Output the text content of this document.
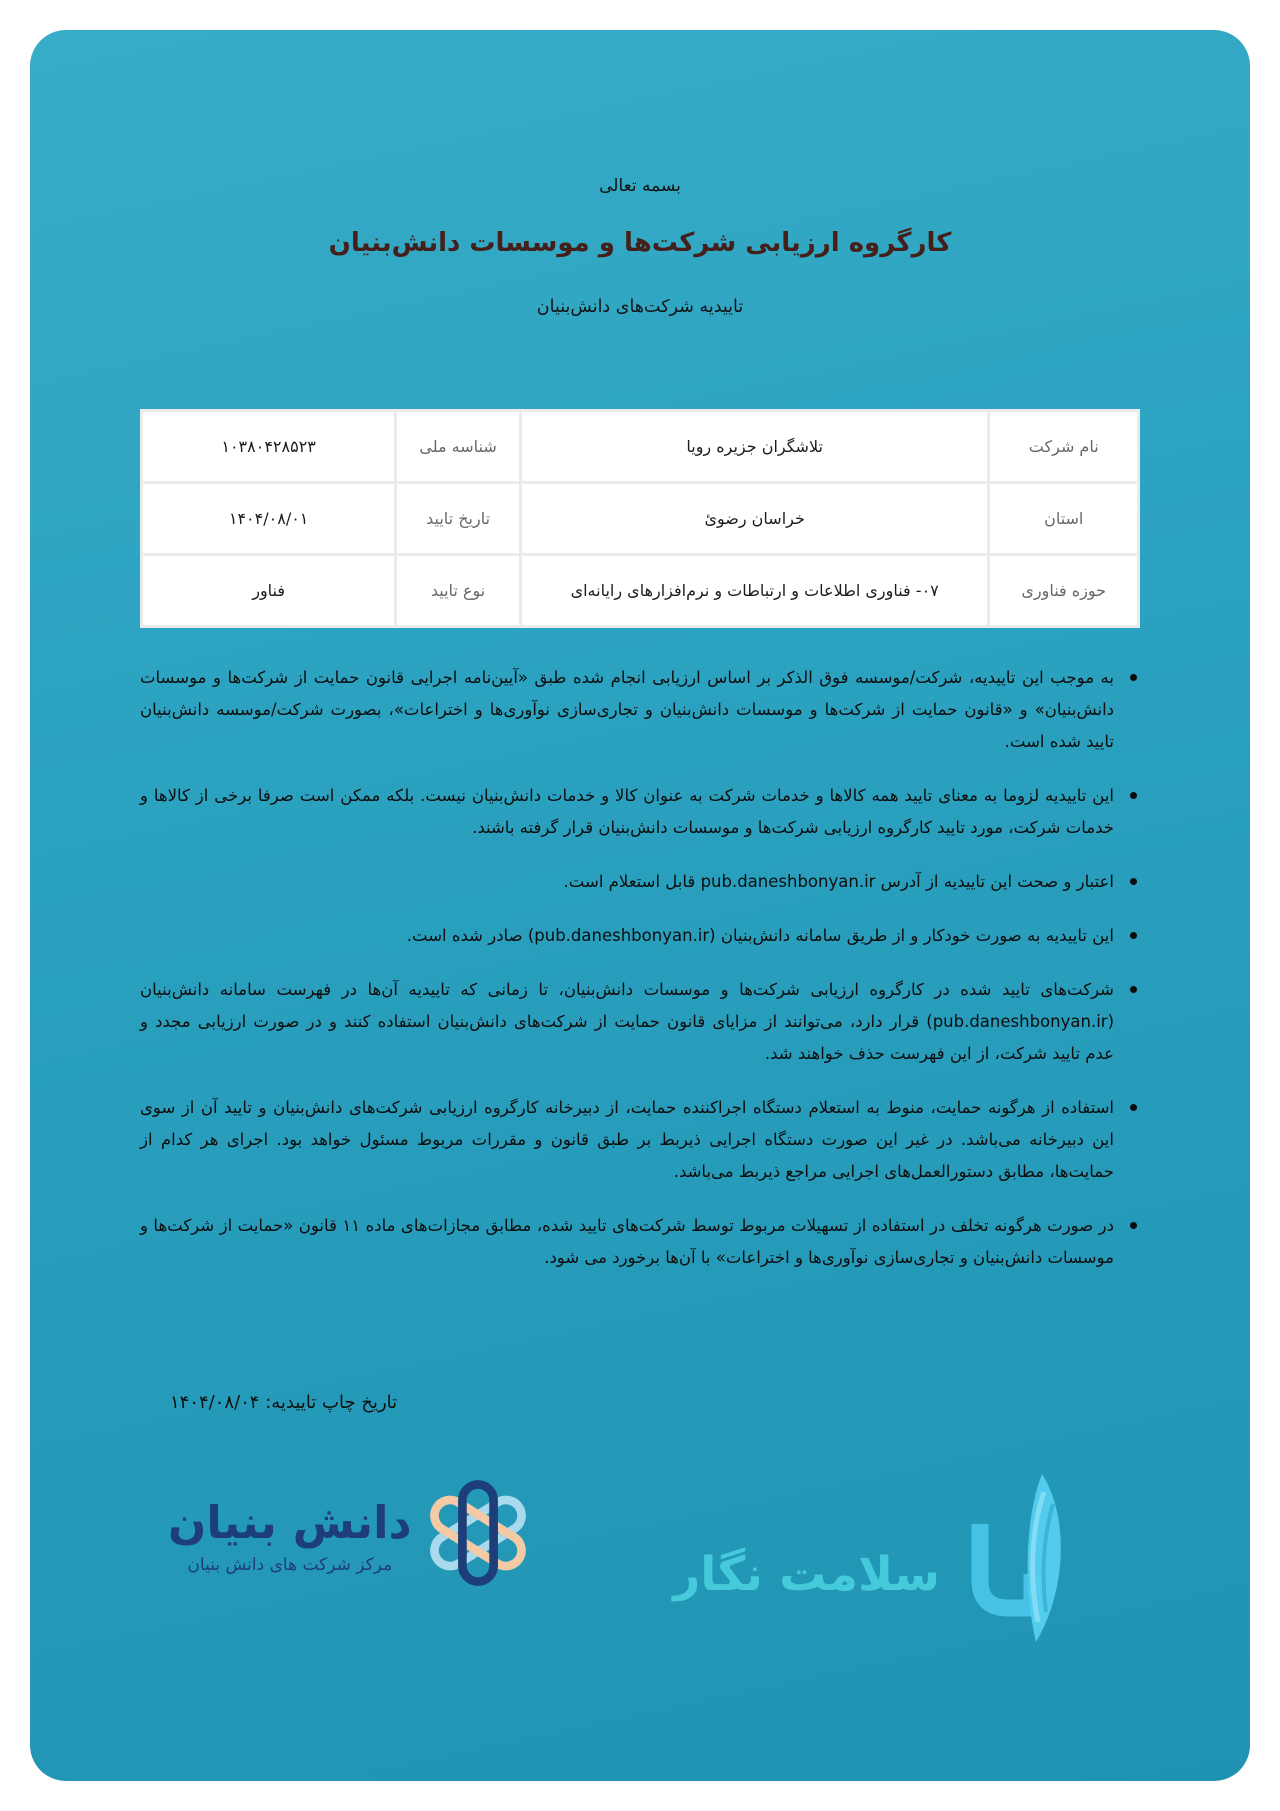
بسمه تعالی
کارگروه ارزیابی شرکت‌ها و موسسات دانش‌بنیان
تاییدیه شرکت‌های دانش‌بنیان
نام شرکت	تلاشگران جزیره رویا	شناسه ملی	۱۰۳۸۰۴۲۸۵۲۳
استان	خراسان رضوئ	تاریخ تایید	۱۴۰۴/۰۸/۰۱
حوزه فناوری	۰۷- فناوری اطلاعات و ارتباطات و نرم‌افزارهای رایانه‌ای	نوع تایید	فناور
به موجب این تاییدیه، شرکت/موسسه فوق الذکر بر اساس ارزیابی انجام شده طبق «آیین‌نامه اجرایی قانون حمایت از شرکت‌ها و موسسات دانش‌بنیان» و «قانون حمایت از شرکت‌ها و موسسات دانش‌بنیان و تجاری‌سازی نوآوری‌ها و اختراعات»، بصورت شرکت/موسسه دانش‌بنیان تایید شده است.
این تاییدیه لزوما به معنای تایید همه کالاها و خدمات شرکت به عنوان کالا و خدمات دانش‌بنیان نیست. بلکه ممکن است صرفا برخی از کالاها و خدمات شرکت، مورد تایید کارگروه ارزیابی شرکت‌ها و موسسات دانش‌بنیان قرار گرفته باشند.
اعتبار و صحت این تاییدیه از آدرس pub.daneshbonyan.ir قابل استعلام است.
این تاییدیه به صورت خودکار و از طریق سامانه دانش‌بنیان (pub.daneshbonyan.ir) صادر شده است.
شرکت‌های تایید شده در کارگروه ارزیابی شرکت‌ها و موسسات دانش‌بنیان، تا زمانی که تاییدیه آن‌ها در فهرست سامانه دانش‌بنیان (pub.daneshbonyan.ir) قرار دارد، می‌توانند از مزایای قانون حمایت از شرکت‌های دانش‌بنیان استفاده کنند و در صورت ارزیابی مجدد و عدم تایید شرکت، از این فهرست حذف خواهند شد.
استفاده از هرگونه حمایت، منوط به استعلام دستگاه اجراکننده حمایت، از دبیرخانه کارگروه ارزیابی شرکت‌های دانش‌بنیان و تایید آن از سوی این دبیرخانه می‌باشد. در غیر این صورت دستگاه اجرایی ذیربط بر طبق قانون و مقررات مربوط مسئول خواهد بود. اجرای هر کدام از حمایت‌ها، مطابق دستورالعمل‌های اجرایی مراجع ذیربط می‌باشد.
در صورت هرگونه تخلف در استفاده از تسهیلات مربوط توسط شرکت‌های تایید شده، مطابق مجازات‌های ماده ۱۱ قانون «حمایت از شرکت‌ها و موسسات دانش‌بنیان و تجاری‌سازی نوآوری‌ها و اختراعات» با آن‌ها برخورد می شود.
تاریخ چاپ تاییدیه: ۱۴۰۴/۰۸/۰۴
دانش بنیان
مرکز شرکت های دانش بنیان	سلامت نگار
